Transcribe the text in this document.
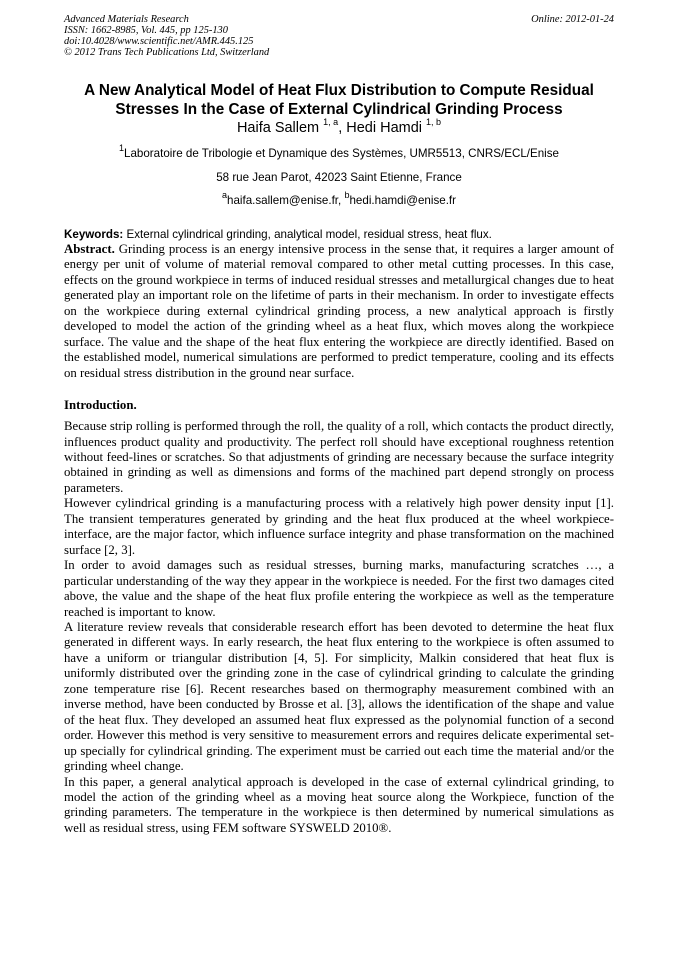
Advanced Materials Research
ISSN: 1662-8985, Vol. 445, pp 125-130
doi:10.4028/www.scientific.net/AMR.445.125
© 2012 Trans Tech Publications Ltd, Switzerland
Online: 2012-01-24
A New Analytical Model of Heat Flux Distribution to Compute Residual
Stresses In the Case of External Cylindrical Grinding Process
Haifa Sallem $^{1, a}$, Hedi Hamdi $^{1, b}$
$^1$Laboratoire de Tribologie et Dynamique des Systèmes, UMR5513, CNRS/ECL/Enise
58 rue Jean Parot, 42023 Saint Etienne, France
$^a$haifa.sallem@enise.fr, $^b$hedi.hamdi@enise.fr
Keywords: External cylindrical grinding, analytical model, residual stress, heat flux.

Abstract. Grinding process is an energy intensive process in the sense that, it requires a larger amount of energy per unit of volume of material removal compared to other metal cutting processes. In this case, effects on the ground workpiece in terms of induced residual stresses and metallurgical changes due to heat generated play an important role on the lifetime of parts in their mechanism. In order to investigate effects on the workpiece during external cylindrical grinding process, a new analytical approach is firstly developed to model the action of the grinding wheel as a heat flux, which moves along the workpiece surface. The value and the shape of the heat flux entering the workpiece are directly identified. Based on the established model, numerical simulations are performed to predict temperature, cooling and its effects on residual stress distribution in the ground near surface.

Introduction.

Because strip rolling is performed through the roll, the quality of a roll, which contacts the product directly, influences product quality and productivity. The perfect roll should have exceptional roughness retention without feed-lines or scratches. So that adjustments of grinding are necessary because the surface integrity obtained in grinding as well as dimensions and forms of the machined part depend strongly on process parameters.

However cylindrical grinding is a manufacturing process with a relatively high power density input [1]. The transient temperatures generated by grinding and the heat flux produced at the wheel workpiece-interface, are the major factor, which influence surface integrity and phase transformation on the machined surface [2, 3].

In order to avoid damages such as residual stresses, burning marks, manufacturing scratches …, a particular understanding of the way they appear in the workpiece is needed. For the first two damages cited above, the value and the shape of the heat flux profile entering the workpiece as well as the temperature reached is important to know.

A literature review reveals that considerable research effort has been devoted to determine the heat flux generated in different ways. In early research, the heat flux entering to the workpiece is often assumed to have a uniform or triangular distribution [4, 5]. For simplicity, Malkin considered that heat flux is uniformly distributed over the grinding zone in the case of cylindrical grinding to calculate the grinding zone temperature rise [6]. Recent researches based on thermography measurement combined with an inverse method, have been conducted by Brosse et al. [3], allows the identification of the shape and value of the heat flux. They developed an assumed heat flux expressed as the polynomial function of a second order. However this method is very sensitive to measurement errors and requires delicate experimental set-up specially for cylindrical grinding. The experiment must be carried out each time the material and/or the grinding wheel change.

In this paper, a general analytical approach is developed in the case of external cylindrical grinding, to model the action of the grinding wheel as a moving heat source along the Workpiece, function of the grinding parameters. The temperature in the workpiece is then determined by numerical simulations as well as residual stress, using FEM software SYSWELD 2010®.
